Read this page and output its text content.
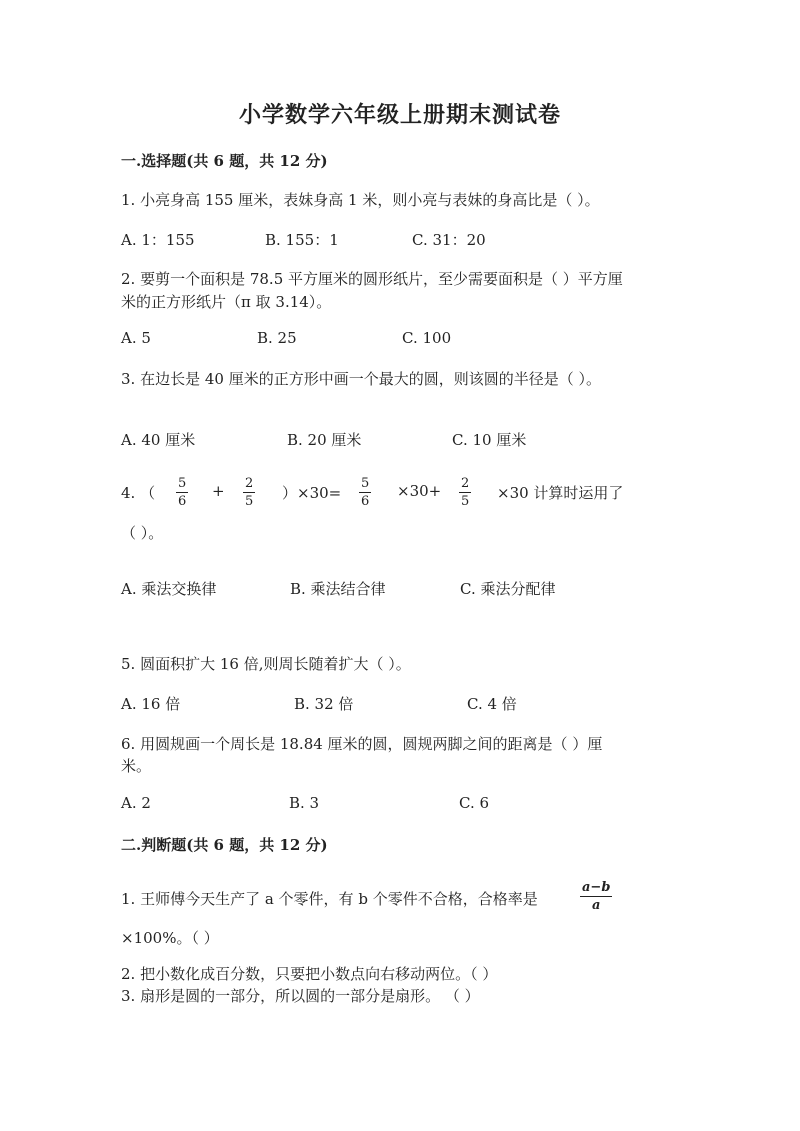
小学数学六年级上册期末测试卷
一.选择题(共 6 题，共 12 分)
1. 小亮身高 155 厘米，表妹身高 1 米，则小亮与表妹的身高比是（ ）。
A. 1：155	B. 155：1	C. 31：20
2. 要剪一个面积是 78.5 平方厘米的圆形纸片，至少需要面积是（ ）平方厘
米的正方形纸片（π 取 3.14）。
A. 5	B. 25	C. 100
3. 在边长是 40 厘米的正方形中画一个最大的圆，则该圆的半径是（ ）。
A. 40 厘米	B. 20 厘米	C. 10 厘米
4. （ $\frac{5}{6} + \frac{2}{5} )\times 30= \frac{5}{6} \times 30+ \frac{2}{5} \times 30$ 计算时运用了
（ ）。
A. 乘法交换律	B. 乘法结合律	C. 乘法分配律
5. 圆面积扩大 16 倍,则周长随着扩大（ ）。
A. 16 倍	B. 32 倍	C. 4 倍
6. 用圆规画一个周长是 18.84 厘米的圆，圆规两脚之间的距离是（ ）厘
米。
A. 2	B. 3	C. 6
二.判断题(共 6 题，共 12 分)
1. 王师傅今天生产了 a 个零件，有 b 个零件不合格，合格率是	$\frac{a-b}{a}$
×100%。（ ）
2. 把小数化成百分数，只要把小数点向右移动两位。（ ）
3. 扇形是圆的一部分，所以圆的一部分是扇形。 （ ）
